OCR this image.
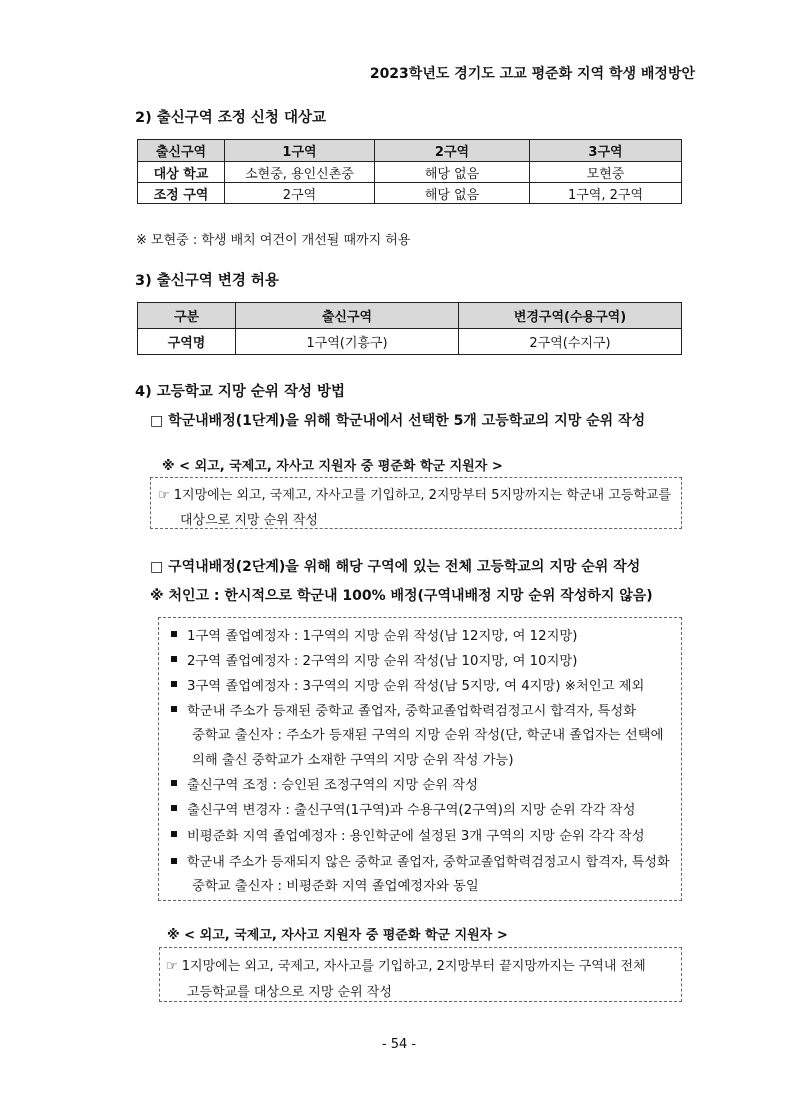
2023학년도 경기도 고교 평준화 지역 학생 배정방안
2) 출신구역 조정 신청 대상교
출신구역	1구역	2구역	3구역
대상 학교	소현중, 용인신촌중	해당 없음	모현중
조정 구역	2구역	해당 없음	1구역, 2구역
※ 모현중 : 학생 배치 여건이 개선될 때까지 허용
3) 출신구역 변경 허용
구분	출신구역	변경구역(수용구역)
구역명	1구역(기흥구)	2구역(수지구)
4) 고등학교 지망 순위 작성 방법
□ 학군내배정(1단계)을 위해 학군내에서 선택한 5개 고등학교의 지망 순위 작성
※ < 외고, 국제고, 자사고 지원자 중 평준화 학군 지원자 >
☞ 1지망에는 외고, 국제고, 자사고를 기입하고, 2지망부터 5지망까지는 학군내 고등학교를
대상으로 지망 순위 작성
□ 구역내배정(2단계)을 위해 해당 구역에 있는 전체 고등학교의 지망 순위 작성
※ 처인고 : 한시적으로 학군내 100% 배정(구역내배정 지망 순위 작성하지 않음)
1구역 졸업예정자 : 1구역의 지망 순위 작성(남 12지망, 여 12지망)
2구역 졸업예정자 : 2구역의 지망 순위 작성(남 10지망, 여 10지망)
3구역 졸업예정자 : 3구역의 지망 순위 작성(남 5지망, 여 4지망) ※처인고 제외
학군내 주소가 등재된 중학교 졸업자, 중학교졸업학력검정고시 합격자, 특성화
중학교 출신자 : 주소가 등재된 구역의 지망 순위 작성(단, 학군내 졸업자는 선택에
의해 출신 중학교가 소재한 구역의 지망 순위 작성 가능)
출신구역 조정 : 승인된 조정구역의 지망 순위 작성
출신구역 변경자 : 출신구역(1구역)과 수용구역(2구역)의 지망 순위 각각 작성
비평준화 지역 졸업예정자 : 용인학군에 설정된 3개 구역의 지망 순위 각각 작성
학군내 주소가 등재되지 않은 중학교 졸업자, 중학교졸업학력검정고시 합격자, 특성화
중학교 출신자 : 비평준화 지역 졸업예정자와 동일
※ < 외고, 국제고, 자사고 지원자 중 평준화 학군 지원자 >
☞ 1지망에는 외고, 국제고, 자사고를 기입하고, 2지망부터 끝지망까지는 구역내 전체
고등학교를 대상으로 지망 순위 작성
- 54 -
